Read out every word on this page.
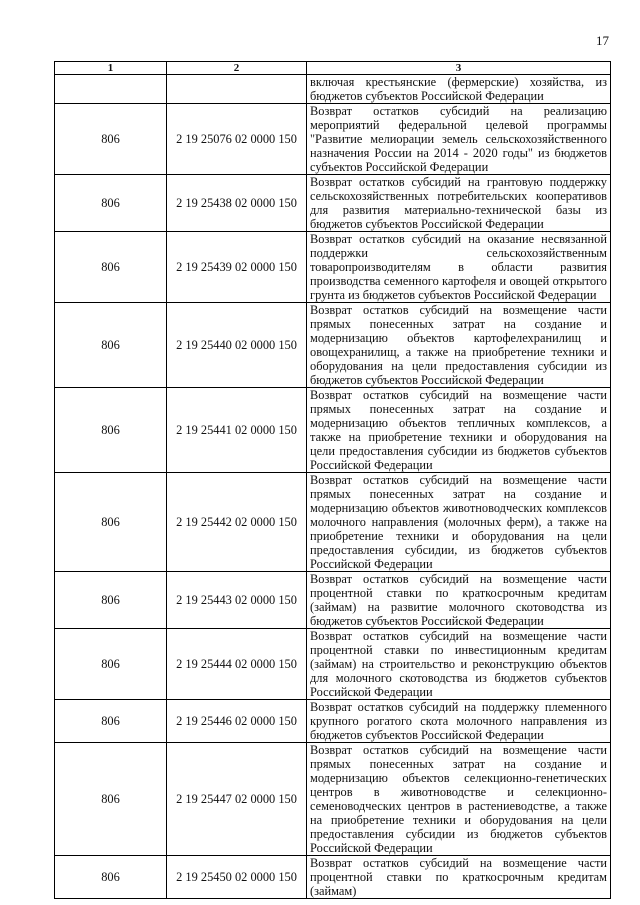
17
1	2	3
		включая крестьянские (фермерские) хозяйства, из бюджетов субъектов Российской Федерации
806	2 19 25076 02 0000 150	Возврат остатков субсидий на реализацию мероприятий федеральной целевой программы "Развитие мелиорации земель сельскохозяйственного назначения России на 2014 - 2020 годы" из бюджетов субъектов Российской Федерации
806	2 19 25438 02 0000 150	Возврат остатков субсидий на грантовую поддержку сельскохозяйственных потребительских кооперативов для развития материально-технической базы из бюджетов субъектов Российской Федерации
806	2 19 25439 02 0000 150	Возврат остатков субсидий на оказание несвязанной поддержки сельскохозяйственным товаропроизводителям в области развития производства семенного картофеля и овощей открытого грунта из бюджетов субъектов Российской Федерации
806	2 19 25440 02 0000 150	Возврат остатков субсидий на возмещение части прямых понесенных затрат на создание и модернизацию объектов картофелехранилищ и овощехранилищ, а также на приобретение техники и оборудования на цели предоставления субсидии из бюджетов субъектов Российской Федерации
806	2 19 25441 02 0000 150	Возврат остатков субсидий на возмещение части прямых понесенных затрат на создание и модернизацию объектов тепличных комплексов, а также на приобретение техники и оборудования на цели предоставления субсидии из бюджетов субъектов Российской Федерации
806	2 19 25442 02 0000 150	Возврат остатков субсидий на возмещение части прямых понесенных затрат на создание и модернизацию объектов животноводческих комплексов молочного направления (молочных ферм), а также на приобретение техники и оборудования на цели предоставления субсидии, из бюджетов субъектов Российской Федерации
806	2 19 25443 02 0000 150	Возврат остатков субсидий на возмещение части процентной ставки по краткосрочным кредитам (займам) на развитие молочного скотоводства из бюджетов субъектов Российской Федерации
806	2 19 25444 02 0000 150	Возврат остатков субсидий на возмещение части процентной ставки по инвестиционным кредитам (займам) на строительство и реконструкцию объектов для молочного скотоводства из бюджетов субъектов Российской Федерации
806	2 19 25446 02 0000 150	Возврат остатков субсидий на поддержку племенного крупного рогатого скота молочного направления из бюджетов субъектов Российской Федерации
806	2 19 25447 02 0000 150	Возврат остатков субсидий на возмещение части прямых понесенных затрат на создание и модернизацию объектов селекционно-генетических центров в животноводстве и селекционно-семеноводческих центров в растениеводстве, а также на приобретение техники и оборудования на цели предоставления субсидии из бюджетов субъектов Российской Федерации
806	2 19 25450 02 0000 150	Возврат остатков субсидий на возмещение части процентной ставки по краткосрочным кредитам (займам)
